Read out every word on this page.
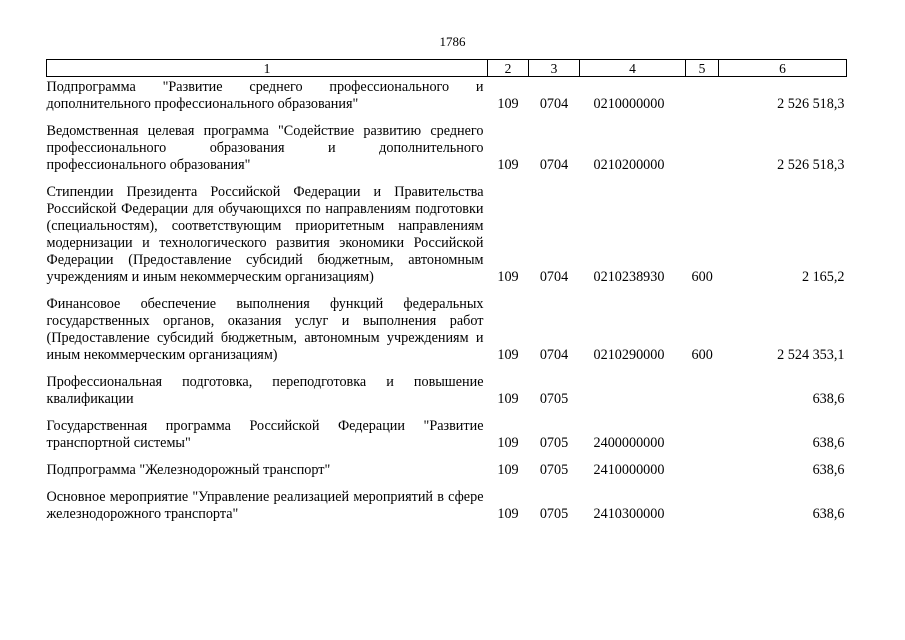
1786
1	2	3	4	5	6
Подпрограмма "Развитие среднего профессионального и дополнительного профессионального образования"	109	0704	0210000000		2 526 518,3
Ведомственная целевая программа "Содействие развитию среднего профессионального образования и дополнительного профессионального образования"	109	0704	0210200000		2 526 518,3
Стипендии Президента Российской Федерации и Правительства Российской Федерации для обучающихся по направлениям подготовки (специальностям), соответствующим приоритетным направлениям модернизации и технологического развития экономики Российской Федерации (Предоставление субсидий бюджетным, автономным учреждениям и иным некоммерческим организациям)	109	0704	0210238930	600	2 165,2
Финансовое обеспечение выполнения функций федеральных государственных органов, оказания услуг и выполнения работ (Предоставление субсидий бюджетным, автономным учреждениям и иным некоммерческим организациям)	109	0704	0210290000	600	2 524 353,1
Профессиональная подготовка, переподготовка и повышение квалификации	109	0705			638,6
Государственная программа Российской Федерации "Развитие транспортной системы"	109	0705	2400000000		638,6
Подпрограмма "Железнодорожный транспорт"	109	0705	2410000000		638,6
Основное мероприятие "Управление реализацией мероприятий в сфере железнодорожного транспорта"	109	0705	2410300000		638,6
